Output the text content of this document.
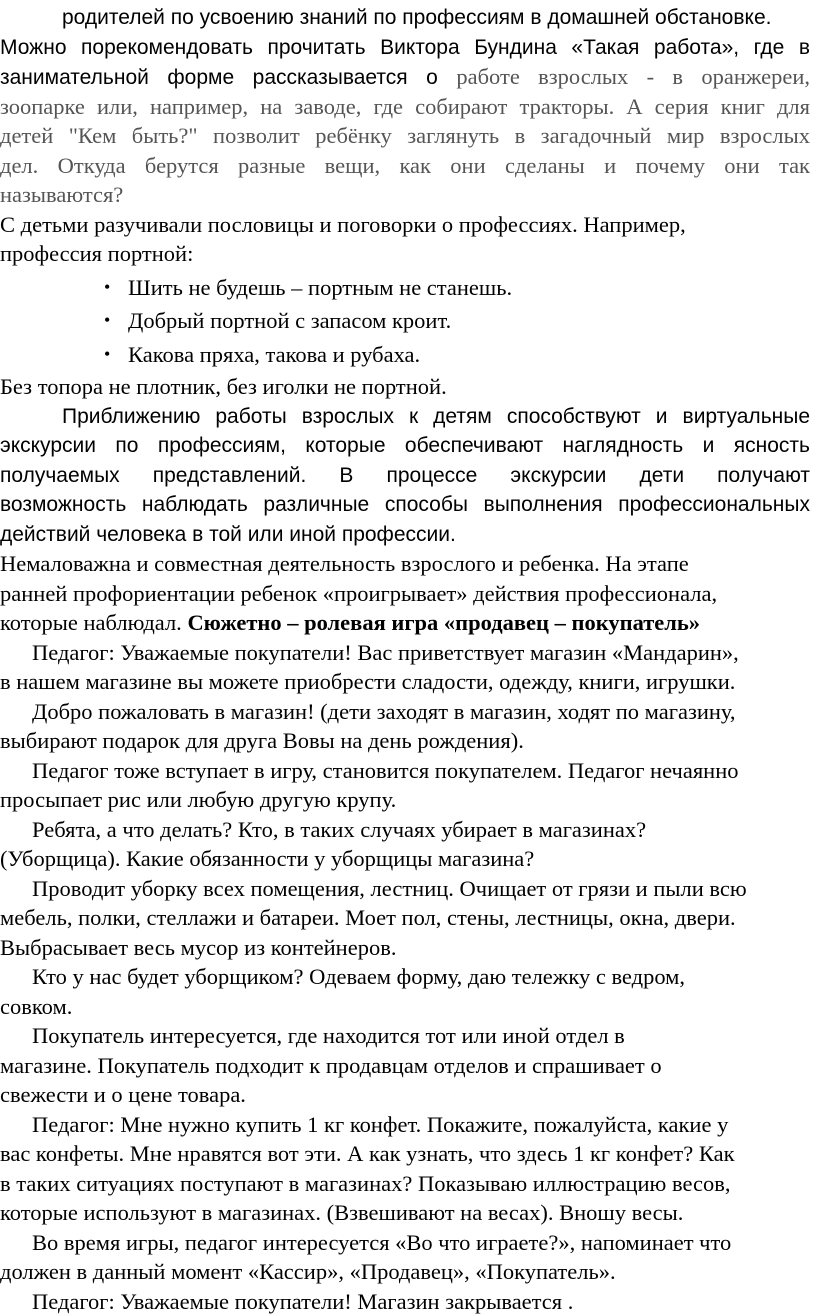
родителей по усвоению знаний по профессиям в домашней обстановке.
Можно порекомендовать прочитать Виктора Бундина «Такая работа», где в
занимательной форме рассказывается о работе взрослых - в оранжереи,
зоопарке или, например, на заводе, где собирают тракторы. А серия книг для
детей "Кем быть?" позволит ребёнку заглянуть в загадочный мир взрослых
дел. Откуда берутся разные вещи, как они сделаны и почему они так
называются?
С детьми разучивали пословицы и поговорки о профессиях. Например,
профессия портной:
• Шить не будешь – портным не станешь.
• Добрый портной с запасом кроит.
• Какова пряха, такова и рубаха.
Без топора не плотник, без иголки не портной.
Приближению работы взрослых к детям способствуют и виртуальные
экскурсии по профессиям, которые обеспечивают наглядность и ясность
получаемых представлений. В процессе экскурсии дети получают
возможность наблюдать различные способы выполнения профессиональных
действий человека в той или иной профессии.
Немаловажна и совместная деятельность взрослого и ребенка. На этапе
ранней профориентации ребенок «проигрывает» действия профессионала,
которые наблюдал. Сюжетно – ролевая игра «продавец – покупатель»
Педагог: Уважаемые покупатели! Вас приветствует магазин «Мандарин»,
в нашем магазине вы можете приобрести сладости, одежду, книги, игрушки.
Добро пожаловать в магазин! (дети заходят в магазин, ходят по магазину,
выбирают подарок для друга Вовы на день рождения).
Педагог тоже вступает в игру, становится покупателем. Педагог нечаянно
просыпает рис или любую другую крупу.
Ребята, а что делать? Кто, в таких случаях убирает в магазинах?
(Уборщица). Какие обязанности у уборщицы магазина?
Проводит уборку всех помещения, лестниц. Очищает от грязи и пыли всю
мебель, полки, стеллажи и батареи. Моет пол, стены, лестницы, окна, двери.
Выбрасывает весь мусор из контейнеров.
Кто у нас будет уборщиком? Одеваем форму, даю тележку с ведром,
совком.
Покупатель интересуется, где находится тот или иной отдел в
магазине. Покупатель подходит к продавцам отделов и спрашивает о
свежести и о цене товара.
Педагог: Мне нужно купить 1 кг конфет. Покажите, пожалуйста, какие у
вас конфеты. Мне нравятся вот эти. А как узнать, что здесь 1 кг конфет? Как
в таких ситуациях поступают в магазинах? Показываю иллюстрацию весов,
которые используют в магазинах. (Взвешивают на весах). Вношу весы.
Во время игры, педагог интересуется «Во что играете?», напоминает что
должен в данный момент «Кассир», «Продавец», «Покупатель».
Педагог: Уважаемые покупатели! Магазин закрывается .
